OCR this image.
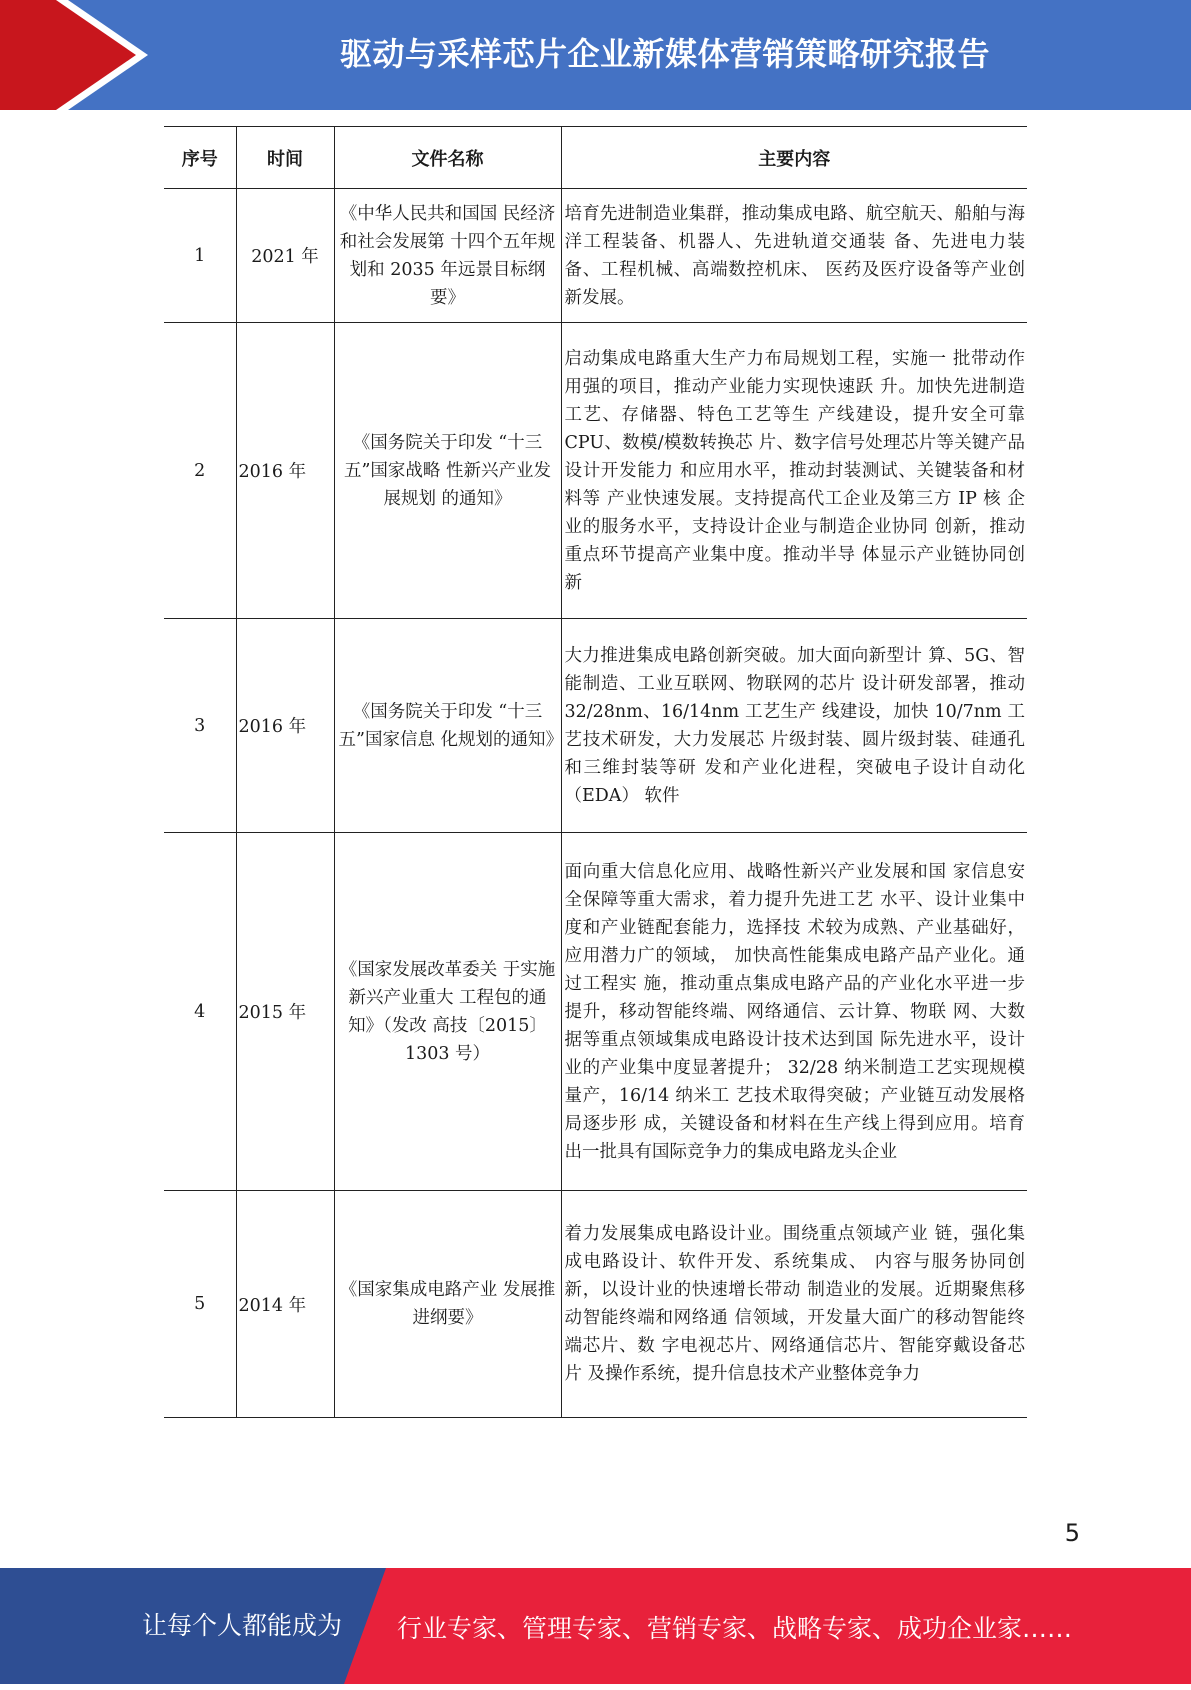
驱动与采样芯片企业新媒体营销策略研究报告
序号	时间	文件名称	主要内容
1	2021 年	《中华人民共和国国 民经济和社会发展第 十四个五年规划和 2035 年远景目标纲要》	培育先进制造业集群，推动集成电路、航空航天、船舶与海洋工程装备、机器人、先进轨道交通装 备、先进电力装备、工程机械、高端数控机床、 医药及医疗设备等产业创新发展。

2	2016 年	《国务院关于印发 “十三五”国家战略 性新兴产业发展规划 的通知》	启动集成电路重大生产力布局规划工程，实施一 批带动作用强的项目，推动产业能力实现快速跃 升。加快先进制造工艺、存储器、特色工艺等生 产线建设，提升安全可靠 CPU、数模/模数转换芯 片、数字信号处理芯片等关键产品设计开发能力 和应用水平，推动封装测试、关键装备和材料等 产业快速发展。支持提高代工企业及第三方 IP 核 企业的服务水平，支持设计企业与制造企业协同 创新，推动重点环节提高产业集中度。推动半导 体显示产业链协同创新

3	2016 年	《国务院关于印发 “十三五”国家信息 化规划的通知》	大力推进集成电路创新突破。加大面向新型计 算、5G、智能制造、工业互联网、物联网的芯片 设计研发部署，推动 32/28nm、16/14nm 工艺生产 线建设，加快 10/7nm 工艺技术研发，大力发展芯 片级封装、圆片级封装、硅通孔和三维封装等研 发和产业化进程，突破电子设计自动化（EDA） 软件

4	2015 年	《国家发展改革委关 于实施新兴产业重大 工程包的通知》（发改 高技〔2015〕 1303 号）	面向重大信息化应用、战略性新兴产业发展和国 家信息安全保障等重大需求，着力提升先进工艺 水平、设计业集中度和产业链配套能力，选择技 术较为成熟、产业基础好，应用潜力广的领域， 加快高性能集成电路产品产业化。通过工程实 施，推动重点集成电路产品的产业化水平进一步提升，移动智能终端、网络通信、云计算、物联 网、大数据等重点领域集成电路设计技术达到国 际先进水平，设计业的产业集中度显著提升； 32/28 纳米制造工艺实现规模量产，16/14 纳米工 艺技术取得突破；产业链互动发展格局逐步形 成，关键设备和材料在生产线上得到应用。培育 出一批具有国际竞争力的集成电路龙头企业

5	2014 年	《国家集成电路产业 发展推进纲要》	着力发展集成电路设计业。围绕重点领域产业 链，强化集成电路设计、软件开发、系统集成、 内容与服务协同创新，以设计业的快速增长带动 制造业的发展。近期聚焦移动智能终端和网络通 信领域，开发量大面广的移动智能终端芯片、数 字电视芯片、网络通信芯片、智能穿戴设备芯片 及操作系统，提升信息技术产业整体竞争力
5
让每个人都能成为 行业专家、管理专家、营销专家、战略专家、成功企业家……
